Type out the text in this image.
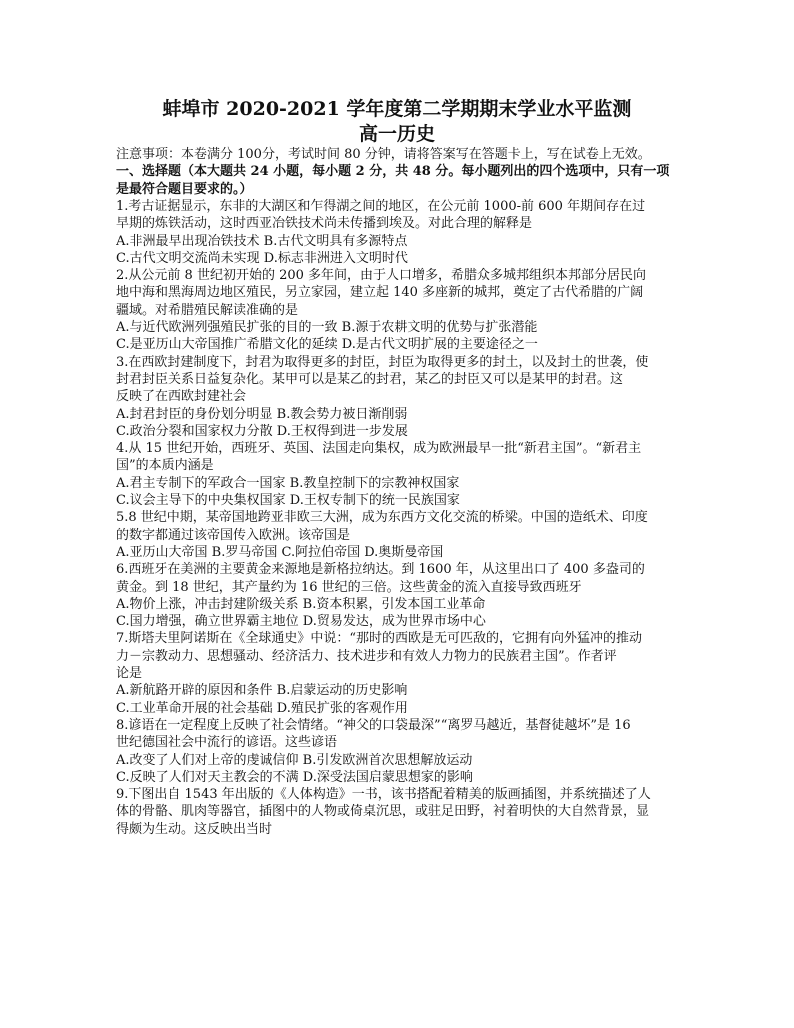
蚌埠市 2020-2021 学年度第二学期期末学业水平监测
高一历史
注意事项：本卷满分 100分，考试时间 80 分钟，请将答案写在答题卡上，写在试卷上无效。
一、选择题（本大题共 24 小题，每小题 2 分，共 48 分。每小题列出的四个选项中，只有一项
是最符合题目要求的。）
1.考古证据显示，东非的大湖区和乍得湖之间的地区，在公元前 1000-前 600 年期间存在过
早期的炼铁活动，这时西亚冶铁技术尚未传播到埃及。对此合理的解释是
A.非洲最早出现冶铁技术 B.古代文明具有多源特点
C.古代文明交流尚未实现 D.标志非洲进入文明时代
2.从公元前 8 世纪初开始的 200 多年间，由于人口增多，希腊众多城邦组织本邦部分居民向
地中海和黑海周边地区殖民，另立家园，建立起 140 多座新的城邦，奠定了古代希腊的广阔
疆域。对希腊殖民解读准确的是
A.与近代欧洲列强殖民扩张的目的一致 B.源于农耕文明的优势与扩张潜能
C.是亚历山大帝国推广希腊文化的延续 D.是古代文明扩展的主要途径之一
3.在西欧封建制度下，封君为取得更多的封臣，封臣为取得更多的封土，以及封土的世袭，使
封君封臣关系日益复杂化。某甲可以是某乙的封君，某乙的封臣又可以是某甲的封君。这
反映了在西欧封建社会
A.封君封臣的身份划分明显 B.教会势力被日渐削弱
C.政治分裂和国家权力分散 D.王权得到进一步发展
4.从 15 世纪开始，西班牙、英国、法国走向集权，成为欧洲最早一批“新君主国”。“新君主
国”的本质内涵是
A.君主专制下的军政合一国家 B.教皇控制下的宗教神权国家
C.议会主导下的中央集权国家 D.王权专制下的统一民族国家
5.8 世纪中期，某帝国地跨亚非欧三大洲，成为东西方文化交流的桥梁。中国的造纸术、印度
的数字都通过该帝国传入欧洲。该帝国是
A.亚历山大帝国 B.罗马帝国 C.阿拉伯帝国 D.奥斯曼帝国
6.西班牙在美洲的主要黄金来源地是新格拉纳达。到 1600 年，从这里出口了 400 多盎司的
黄金。到 18 世纪，其产量约为 16 世纪的三倍。这些黄金的流入直接导致西班牙
A.物价上涨，冲击封建阶级关系 B.资本积累，引发本国工业革命
C.国力增强，确立世界霸主地位 D.贸易发达，成为世界市场中心
7.斯塔夫里阿诺斯在《全球通史》中说：“那时的西欧是无可匹敌的，它拥有向外猛冲的推动
力－宗教动力、思想骚动、经济活力、技术进步和有效人力物力的民族君主国”。作者评
论是
A.新航路开辟的原因和条件 B.启蒙运动的历史影响
C.工业革命开展的社会基础 D.殖民扩张的客观作用
8.谚语在一定程度上反映了社会情绪。“神父的口袋最深”“离罗马越近，基督徒越坏”是 16
世纪德国社会中流行的谚语。这些谚语
A.改变了人们对上帝的虔诚信仰 B.引发欧洲首次思想解放运动
C.反映了人们对天主教会的不满 D.深受法国启蒙思想家的影响
9.下图出自 1543 年出版的《人体构造》一书，该书搭配着精美的版画插图，并系统描述了人
体的骨骼、肌肉等器官，插图中的人物或倚桌沉思，或驻足田野，衬着明快的大自然背景，显
得颇为生动。这反映出当时
